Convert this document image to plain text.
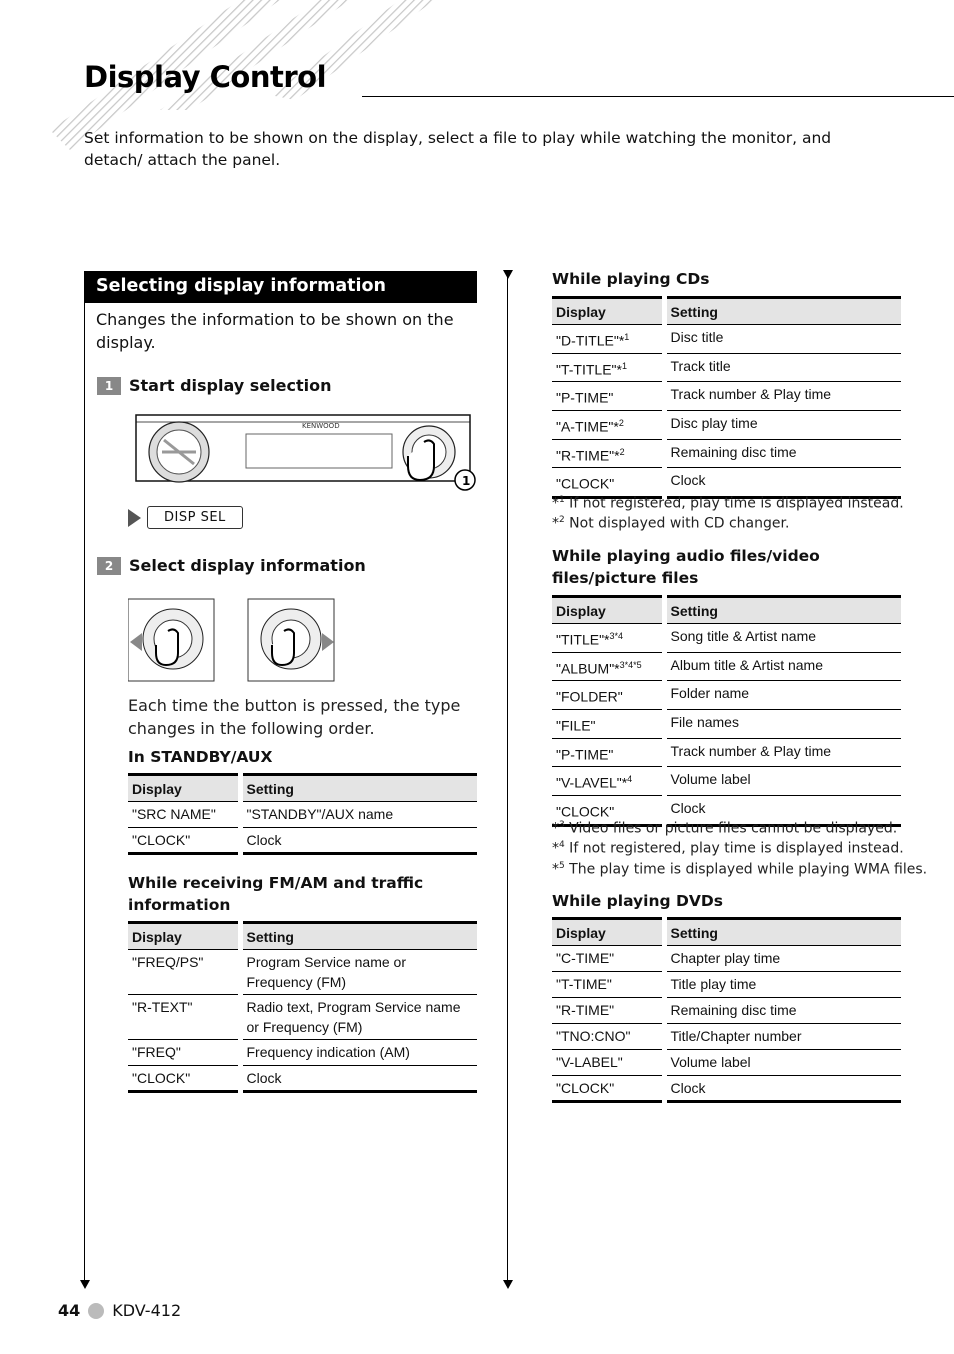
Display Control

Set information to be shown on the display, select a file to play while watching the monitor, and detach/ attach the panel.

Selecting display information

Changes the information to be shown on the display.

1 Start display selection
KENWOOD
1
DISP SEL
2 Select display information

Each time the button is pressed, the type changes in the following order.

In STANDBY/AUX
Display	Setting
"SRC NAME"	"STANDBY"/AUX name
"CLOCK"	Clock
While receiving FM/AM and traffic information
Display	Setting
"FREQ/PS"	Program Service name or Frequency (FM)
"R-TEXT"	Radio text, Program Service name or Frequency (FM)
"FREQ"	Frequency indication (AM)
"CLOCK"	Clock
While playing CDs
Display	Setting
"D-TITLE"*$^1$	Disc title
"T-TITLE"*$^1$	Track title
"P-TIME"	Track number & Play time
"A-TIME"*$^2$	Disc play time
"R-TIME"*$^2$	Remaining disc time
"CLOCK"	Clock
*$^1$ If not registered, play time is displayed instead.
*$^2$ Not displayed with CD changer.
While playing audio files/video files/picture files
Display	Setting
"TITLE"*$^{3*4}$	Song title & Artist name
"ALBUM"*$^{3*4*5}$	Album title & Artist name
"FOLDER"	Folder name
"FILE"	File names
"P-TIME"	Track number & Play time
"V-LAVEL"*$^4$	Volume label
"CLOCK"	Clock
*$^3$ Video files or picture files cannot be displayed.
*$^4$ If not registered, play time is displayed instead.
*$^5$ The play time is displayed while playing WMA files.
While playing DVDs
Display	Setting
"C-TIME"	Chapter play time
"T-TIME"	Title play time
"R-TIME"	Remaining disc time
"TNO:CNO"	Title/Chapter number
"V-LABEL"	Volume label
"CLOCK"	Clock
44 KDV-412
